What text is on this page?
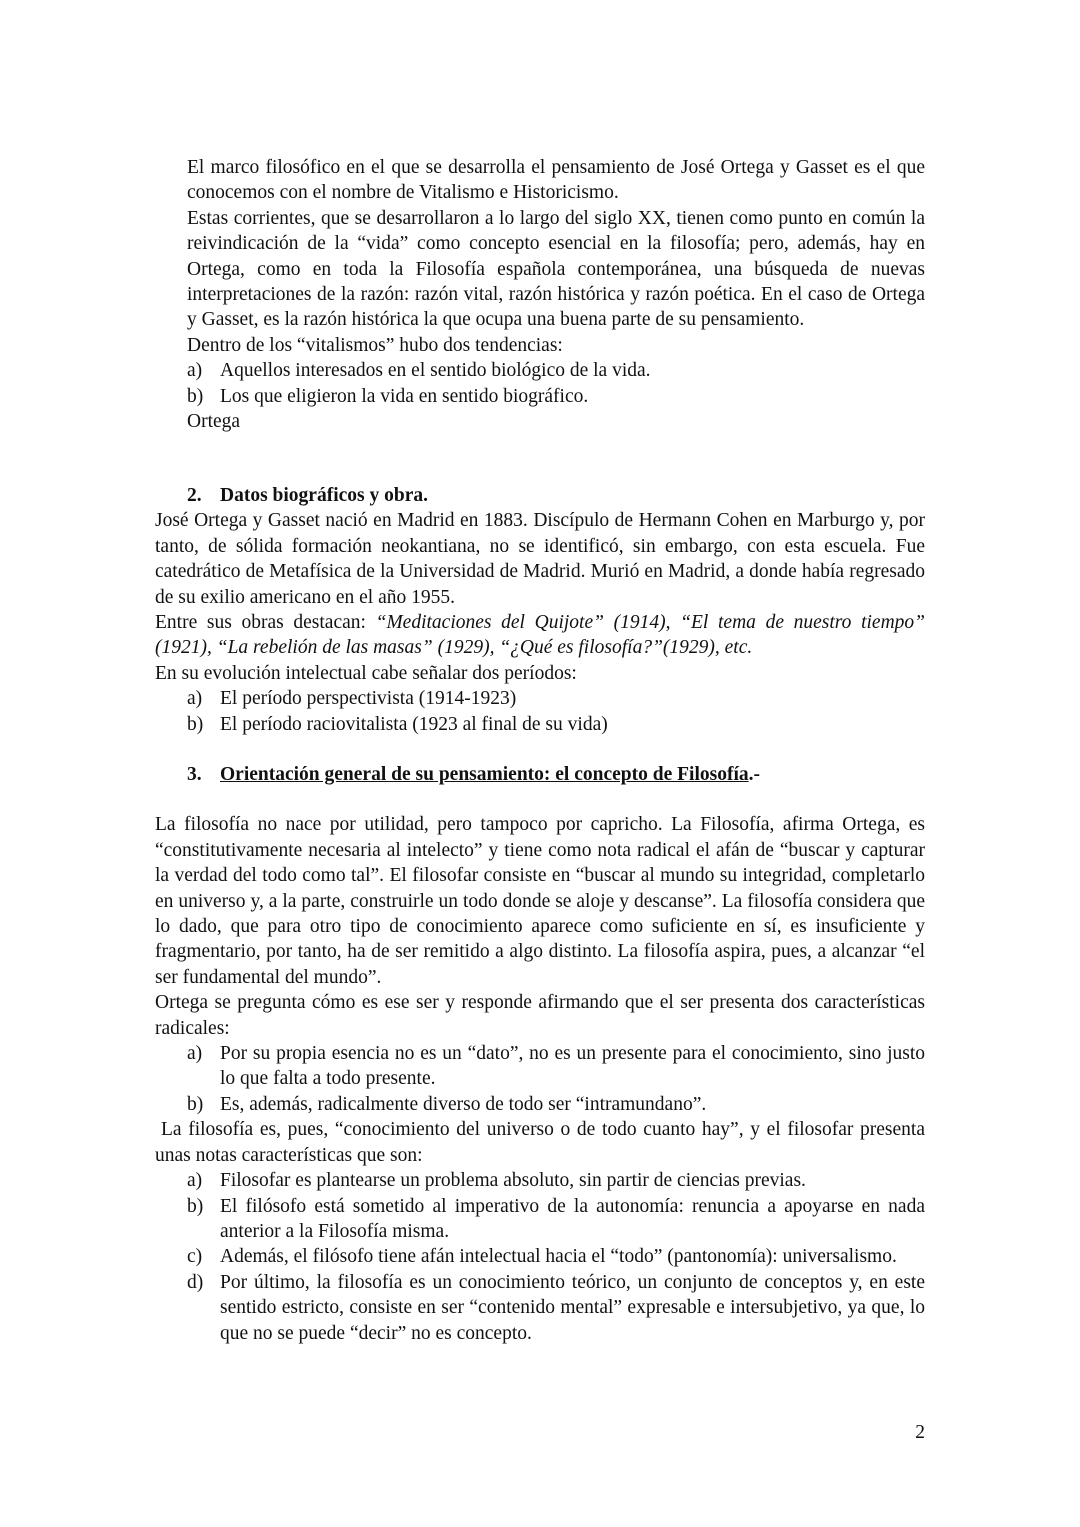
El marco filosófico en el que se desarrolla el pensamiento de José Ortega y Gasset es el que conocemos con el nombre de Vitalismo e Historicismo.

Estas corrientes, que se desarrollaron a lo largo del siglo XX, tienen como punto en común la reivindicación de la “vida” como concepto esencial en la filosofía; pero, además, hay en Ortega, como en toda la Filosofía española contemporánea, una búsqueda de nuevas interpretaciones de la razón: razón vital, razón histórica y razón poética. En el caso de Ortega y Gasset, es la razón histórica la que ocupa una buena parte de su pensamiento.

Dentro de los “vitalismos” hubo dos tendencias:

a) Aquellos interesados en el sentido biológico de la vida.
b) Los que eligieron la vida en sentido biográfico.

Ortega

2. Datos biográficos y obra.

José Ortega y Gasset nació en Madrid en 1883. Discípulo de Hermann Cohen en Marburgo y, por tanto, de sólida formación neokantiana, no se identificó, sin embargo, con esta escuela. Fue catedrático de Metafísica de la Universidad de Madrid. Murió en Madrid, a donde había regresado de su exilio americano en el año 1955.

Entre sus obras destacan: “Meditaciones del Quijote” (1914), “El tema de nuestro tiempo” (1921), “La rebelión de las masas” (1929), “¿Qué es filosofía?”(1929), etc.

En su evolución intelectual cabe señalar dos períodos:

a) El período perspectivista (1914-1923)
b) El período raciovitalista (1923 al final de su vida)
3. Orientación general de su pensamiento: el concepto de Filosofía.-

La filosofía no nace por utilidad, pero tampoco por capricho. La Filosofía, afirma Ortega, es “constitutivamente necesaria al intelecto” y tiene como nota radical el afán de “buscar y capturar la verdad del todo como tal”. El filosofar consiste en “buscar al mundo su integridad, completarlo en universo y, a la parte, construirle un todo donde se aloje y descanse”. La filosofía considera que lo dado, que para otro tipo de conocimiento aparece como suficiente en sí, es insuficiente y fragmentario, por tanto, ha de ser remitido a algo distinto. La filosofía aspira, pues, a alcanzar “el ser fundamental del mundo”.

Ortega se pregunta cómo es ese ser y responde afirmando que el ser presenta dos características radicales:

a) Por su propia esencia no es un “dato”, no es un presente para el conocimiento, sino justo lo que falta a todo presente.
b) Es, además, radicalmente diverso de todo ser “intramundano”.

La filosofía es, pues, “conocimiento del universo o de todo cuanto hay”, y el filosofar presenta unas notas características que son:

a) Filosofar es plantearse un problema absoluto, sin partir de ciencias previas.
b) El filósofo está sometido al imperativo de la autonomía: renuncia a apoyarse en nada anterior a la Filosofía misma.
c) Además, el filósofo tiene afán intelectual hacia el “todo” (pantonomía): universalismo.
d) Por último, la filosofía es un conocimiento teórico, un conjunto de conceptos y, en este sentido estricto, consiste en ser “contenido mental” expresable e intersubjetivo, ya que, lo que no se puede “decir” no es concepto.
2
